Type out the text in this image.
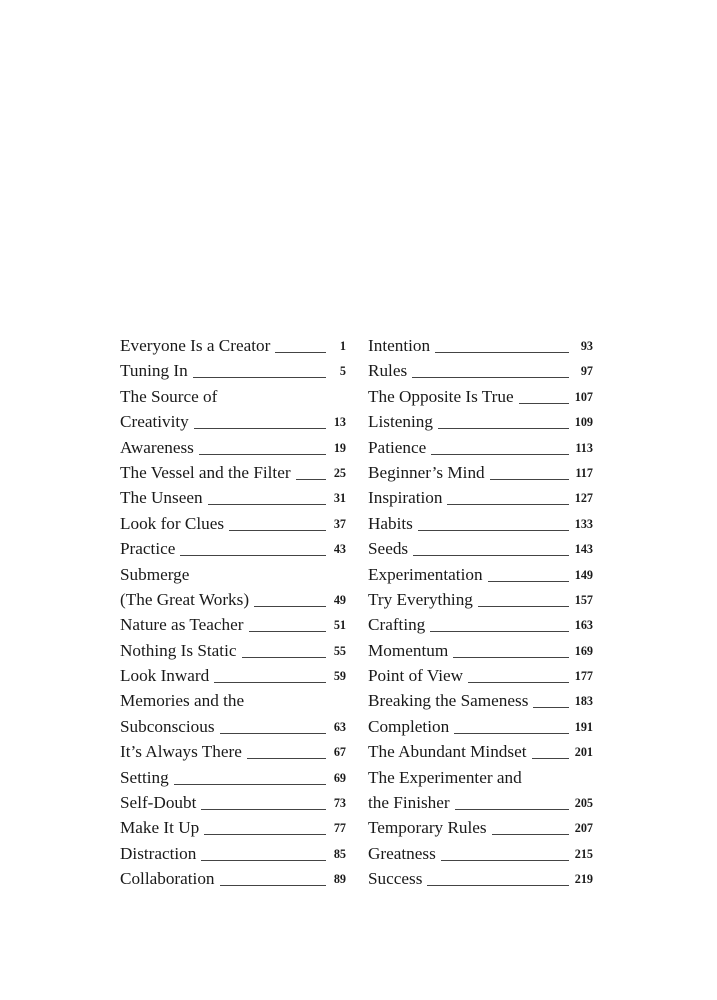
Everyone Is a Creator	1
Tuning In	5
The Source of
Creativity	13
Awareness	19
The Vessel and the Filter	25
The Unseen	31
Look for Clues	37
Practice	43
Submerge
(The Great Works)	49
Nature as Teacher	51
Nothing Is Static	55
Look Inward	59
Memories and the
Subconscious	63
It’s Always There	67
Setting	69
Self-Doubt	73
Make It Up	77
Distraction	85
Collaboration	89
Intention	93
Rules	97
The Opposite Is True	107
Listening	109
Patience	113
Beginner’s Mind	117
Inspiration	127
Habits	133
Seeds	143
Experimentation	149
Try Everything	157
Crafting	163
Momentum	169
Point of View	177
Breaking the Sameness	183
Completion	191
The Abundant Mindset	201
The Experimenter and
the Finisher	205
Temporary Rules	207
Greatness	215
Success	219
